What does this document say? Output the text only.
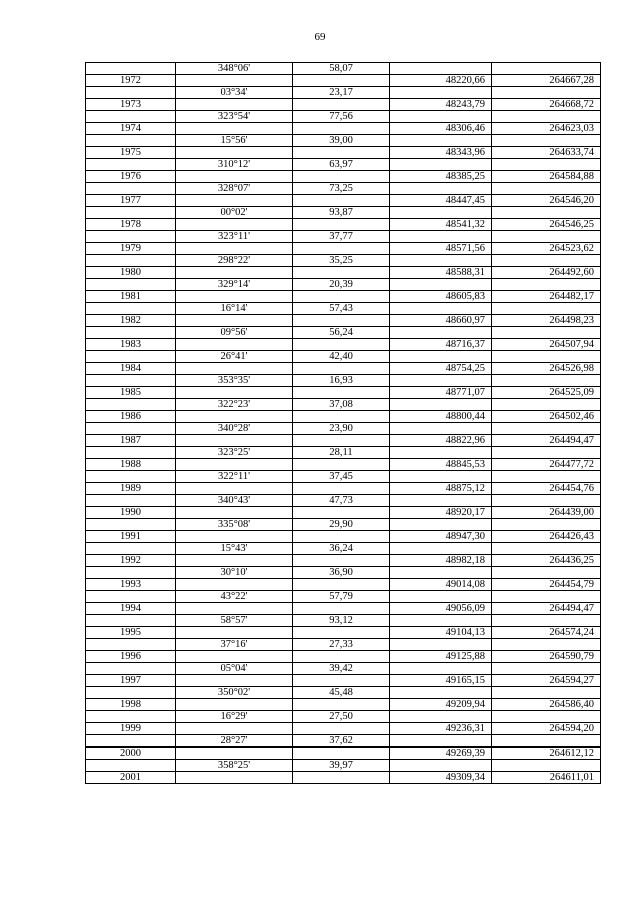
69
	348°06'	58,07		
1972			48220,66	264667,28
	03°34'	23,17		
1973			48243,79	264668,72
	323°54'	77,56		
1974			48306,46	264623,03
	15°56'	39,00		
1975			48343,96	264633,74
	310°12'	63,97		
1976			48385,25	264584,88
	328°07'	73,25		
1977			48447,45	264546,20
	00°02'	93,87		
1978			48541,32	264546,25
	323°11'	37,77		
1979			48571,56	264523,62
	298°22'	35,25		
1980			48588,31	264492,60
	329°14'	20,39		
1981			48605,83	264482,17
	16°14'	57,43		
1982			48660,97	264498,23
	09°56'	56,24		
1983			48716,37	264507,94
	26°41'	42,40		
1984			48754,25	264526,98
	353°35'	16,93		
1985			48771,07	264525,09
	322°23'	37,08		
1986			48800,44	264502,46
	340°28'	23,90		
1987			48822,96	264494,47
	323°25'	28,11		
1988			48845,53	264477,72
	322°11'	37,45		
1989			48875,12	264454,76
	340°43'	47,73		
1990			48920,17	264439,00
	335°08'	29,90		
1991			48947,30	264426,43
	15°43'	36,24		
1992			48982,18	264436,25
	30°10'	36,90		
1993			49014,08	264454,79
	43°22'	57,79		
1994			49056,09	264494,47
	58°57'	93,12		
1995			49104,13	264574,24
	37°16'	27,33		
1996			49125,88	264590,79
	05°04'	39,42		
1997			49165,15	264594,27
	350°02'	45,48		
1998			49209,94	264586,40
	16°29'	27,50		
1999			49236,31	264594,20
	28°27'	37,62		
2000			49269,39	264612,12
	358°25'	39,97		
2001			49309,34	264611,01
